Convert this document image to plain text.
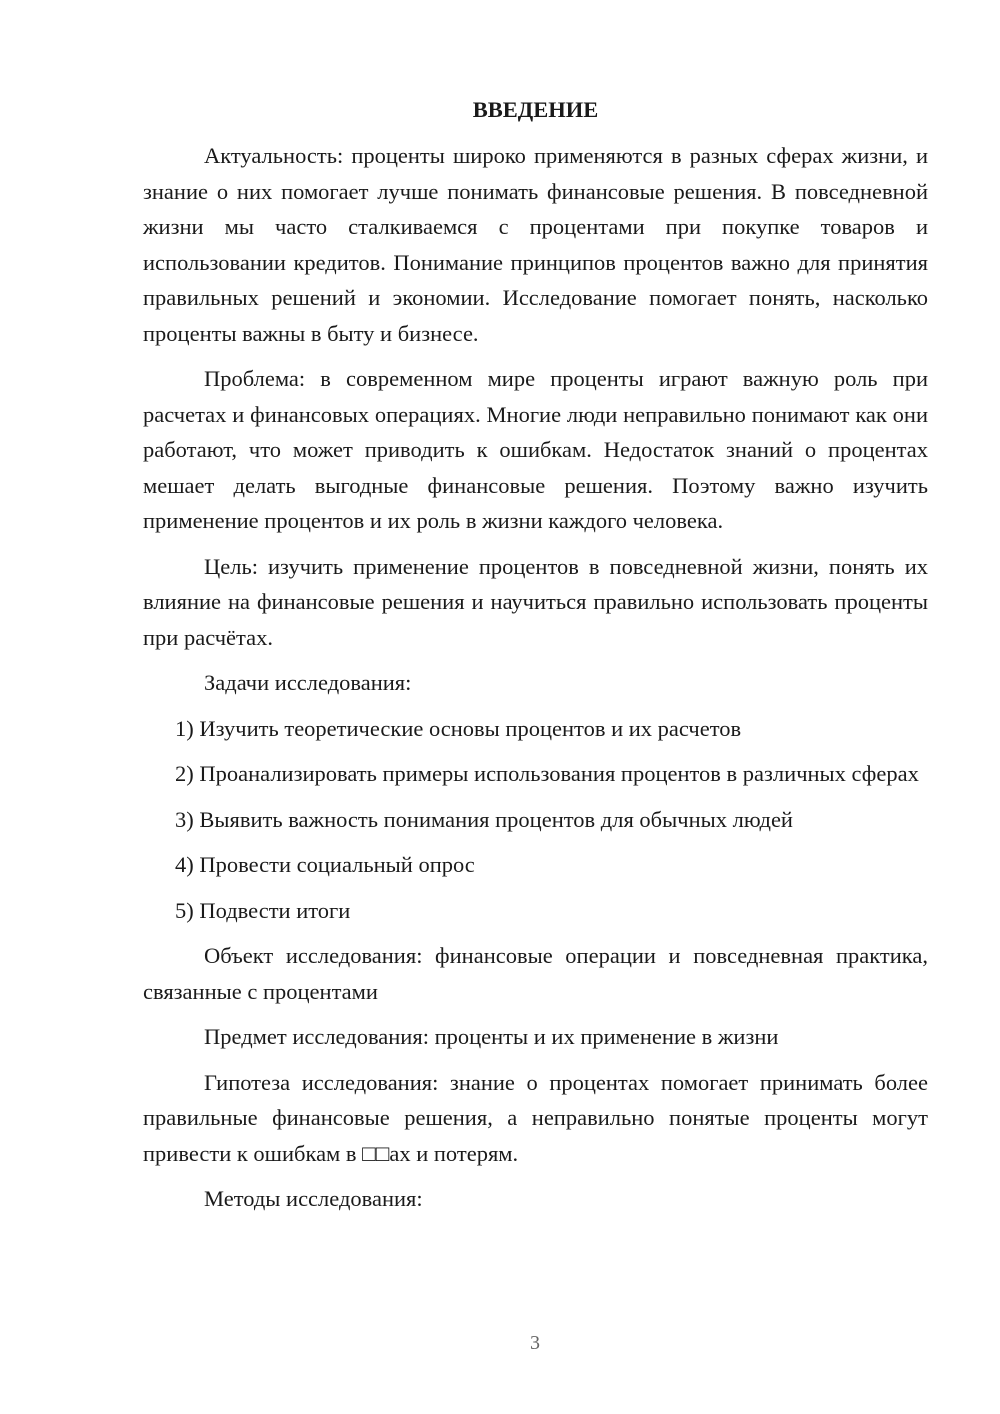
ВВЕДЕНИЕ

Актуальность: проценты широко применяются в разных сферах жизни, и знание о них помогает лучше понимать финансовые решения. В повседневной жизни мы часто сталкиваемся с процентами при покупке товаров и использовании кредитов. Понимание принципов процентов важно для принятия правильных решений и экономии. Исследование помогает понять, насколько проценты важны в быту и бизнесе.

Проблема: в современном мире проценты играют важную роль при расчетах и финансовых операциях. Многие люди неправильно понимают как они работают, что может приводить к ошибкам. Недостаток знаний о процентах мешает делать выгодные финансовые решения. Поэтому важно изучить применение процентов и их роль в жизни каждого человека.

Цель: изучить применение процентов в повседневной жизни, понять их влияние на финансовые решения и научиться правильно использовать проценты при расчётах.

Задачи исследования:

1) Изучить теоретические основы процентов и их расчетов

2) Проанализировать примеры использования процентов в различных сферах

3) Выявить важность понимания процентов для обычных людей

4) Провести социальный опрос

5) Подвести итоги

Объект исследования: финансовые операции и повседневная практика, связанные с процентами

Предмет исследования: проценты и их применение в жизни

Гипотеза исследования: знание о процентах помогает принимать более правильные финансовые решения, а неправильно понятые проценты могут привести к ошибкам в □□ах и потерям.

Методы исследования:

3
